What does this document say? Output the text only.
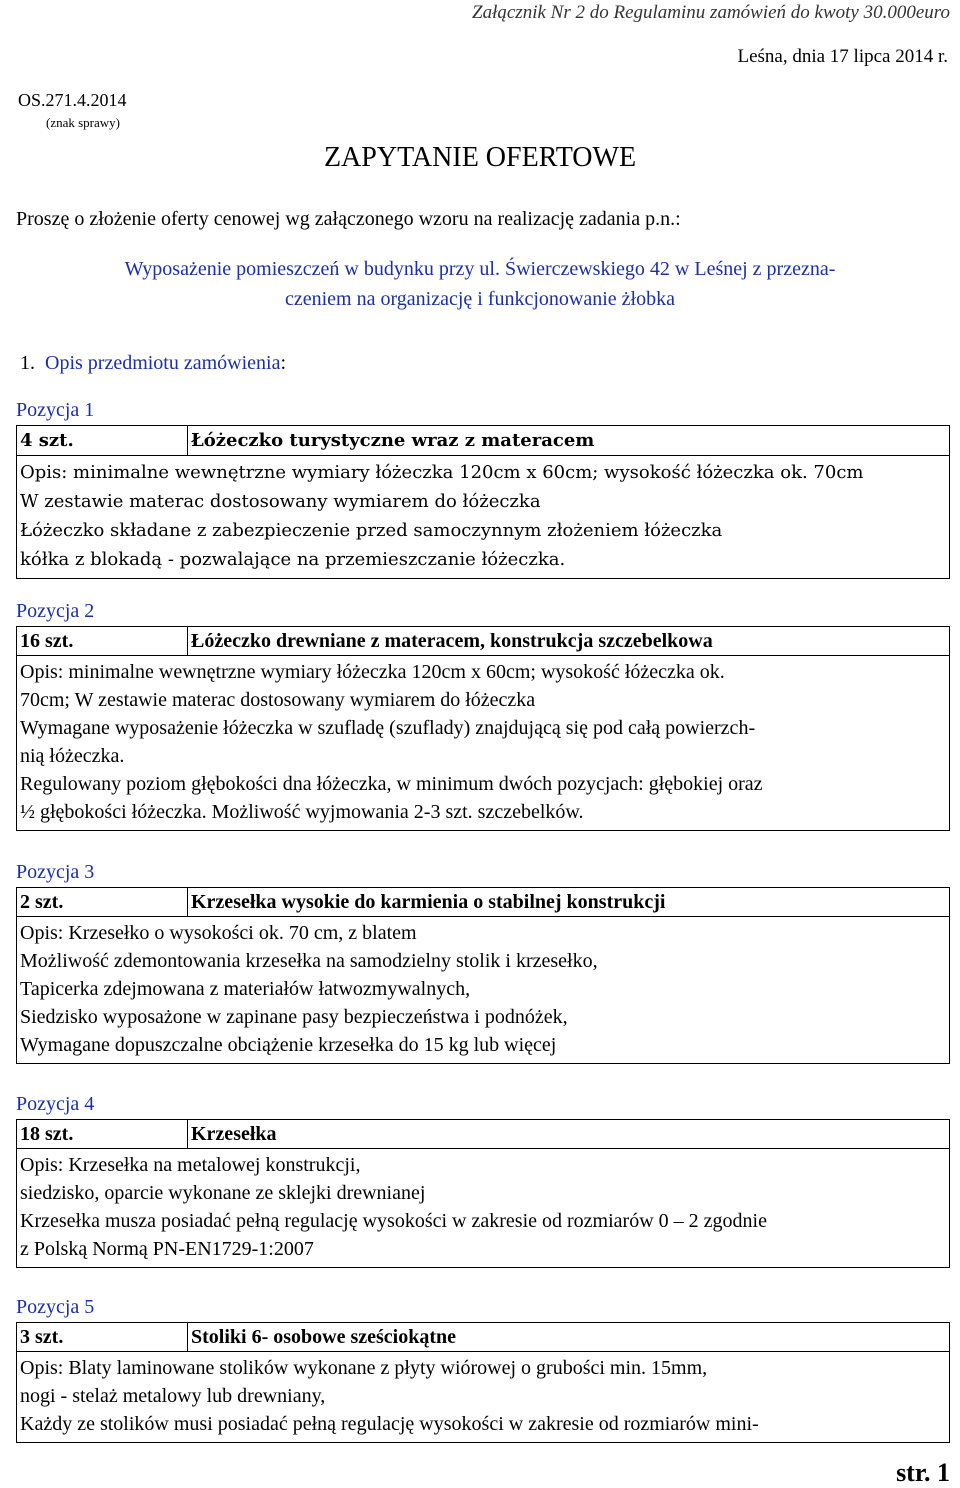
Załącznik Nr 2 do Regulaminu zamówień do kwoty 30.000euro
Leśna, dnia 17 lipca 2014 r.
OS.271.4.2014
(znak sprawy)
ZAPYTANIE OFERTOWE
Proszę o złożenie oferty cenowej wg załączonego wzoru na realizację zadania p.n.:
Wyposażenie pomieszczeń w budynku przy ul. Świerczewskiego 42 w Leśnej z przezna-
czeniem na organizację i funkcjonowanie żłobka
1. Opis przedmiotu zamówienia:
Pozycja 1
4 szt.	Łóżeczko turystyczne wraz z materacem

Opis: minimalne wewnętrzne wymiary łóżeczka 120cm x 60cm; wysokość łóżeczka ok. 70cm
W zestawie materac dostosowany wymiarem do łóżeczka
Łóżeczko składane z zabezpieczenie przed samoczynnym złożeniem łóżeczka
kółka z blokadą - pozwalające na przemieszczanie łóżeczka.
Pozycja 2
16 szt.	Łóżeczko drewniane z materacem, konstrukcja szczebelkowa

Opis: minimalne wewnętrzne wymiary łóżeczka 120cm x 60cm; wysokość łóżeczka ok.
70cm; W zestawie materac dostosowany wymiarem do łóżeczka
Wymagane wyposażenie łóżeczka w szufladę (szuflady) znajdującą się pod całą powierzch-
nią łóżeczka.
Regulowany poziom głębokości dna łóżeczka, w minimum dwóch pozycjach: głębokiej oraz
½ głębokości łóżeczka. Możliwość wyjmowania 2-3 szt. szczebelków.
Pozycja 3
2 szt.	Krzesełka wysokie do karmienia o stabilnej konstrukcji

Opis: Krzesełko o wysokości ok. 70 cm, z blatem
Możliwość zdemontowania krzesełka na samodzielny stolik i krzesełko,
Tapicerka zdejmowana z materiałów łatwozmywalnych,
Siedzisko wyposażone w zapinane pasy bezpieczeństwa i podnóżek,
Wymagane dopuszczalne obciążenie krzesełka do 15 kg lub więcej
Pozycja 4
18 szt.	Krzesełka

Opis: Krzesełka na metalowej konstrukcji,
siedzisko, oparcie wykonane ze sklejki drewnianej
Krzesełka musza posiadać pełną regulację wysokości w zakresie od rozmiarów 0 – 2 zgodnie
z Polską Normą PN-EN1729-1:2007
Pozycja 5
3 szt.	Stoliki 6- osobowe sześciokątne

Opis: Blaty laminowane stolików wykonane z płyty wiórowej o grubości min. 15mm,
nogi - stelaż metalowy lub drewniany,
Każdy ze stolików musi posiadać pełną regulację wysokości w zakresie od rozmiarów mini-
str. 1
